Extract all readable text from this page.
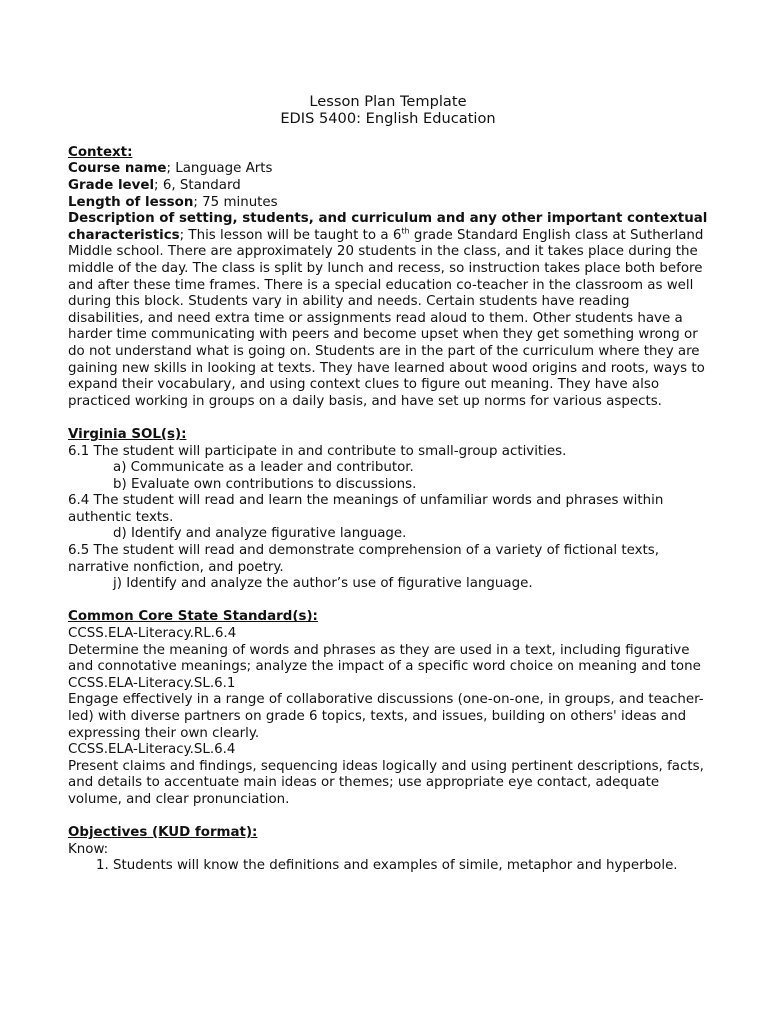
Lesson Plan Template
EDIS 5400: English Education
Context:

Course name; Language Arts

Grade level; 6, Standard

Length of lesson; 75 minutes

Description of setting, students, and curriculum and any other important contextual characteristics; This lesson will be taught to a 6th grade Standard English class at Sutherland Middle school. There are approximately 20 students in the class, and it takes place during the middle of the day. The class is split by lunch and recess, so instruction takes place both before and after these time frames. There is a special education co-teacher in the classroom as well during this block. Students vary in ability and needs. Certain students have reading disabilities, and need extra time or assignments read aloud to them. Other students have a harder time communicating with peers and become upset when they get something wrong or do not understand what is going on. Students are in the part of the curriculum where they are gaining new skills in looking at texts. They have learned about wood origins and roots, ways to expand their vocabulary, and using context clues to figure out meaning. They have also practiced working in groups on a daily basis, and have set up norms for various aspects.

Virginia SOL(s):

6.1 The student will participate in and contribute to small-group activities.

a) Communicate as a leader and contributor.

b) Evaluate own contributions to discussions.

6.4 The student will read and learn the meanings of unfamiliar words and phrases within authentic texts.

d) Identify and analyze figurative language.

6.5 The student will read and demonstrate comprehension of a variety of fictional texts, narrative nonfiction, and poetry.

j) Identify and analyze the author’s use of figurative language.

Common Core State Standard(s):

CCSS.ELA-Literacy.RL.6.4

Determine the meaning of words and phrases as they are used in a text, including figurative and connotative meanings; analyze the impact of a specific word choice on meaning and tone

CCSS.ELA-Literacy.SL.6.1

Engage effectively in a range of collaborative discussions (one-on-one, in groups, and teacher-led) with diverse partners on grade 6 topics, texts, and issues, building on others' ideas and expressing their own clearly.

CCSS.ELA-Literacy.SL.6.4

Present claims and findings, sequencing ideas logically and using pertinent descriptions, facts, and details to accentuate main ideas or themes; use appropriate eye contact, adequate volume, and clear pronunciation.

Objectives (KUD format):

Know:

1. Students will know the definitions and examples of simile, metaphor and hyperbole.
